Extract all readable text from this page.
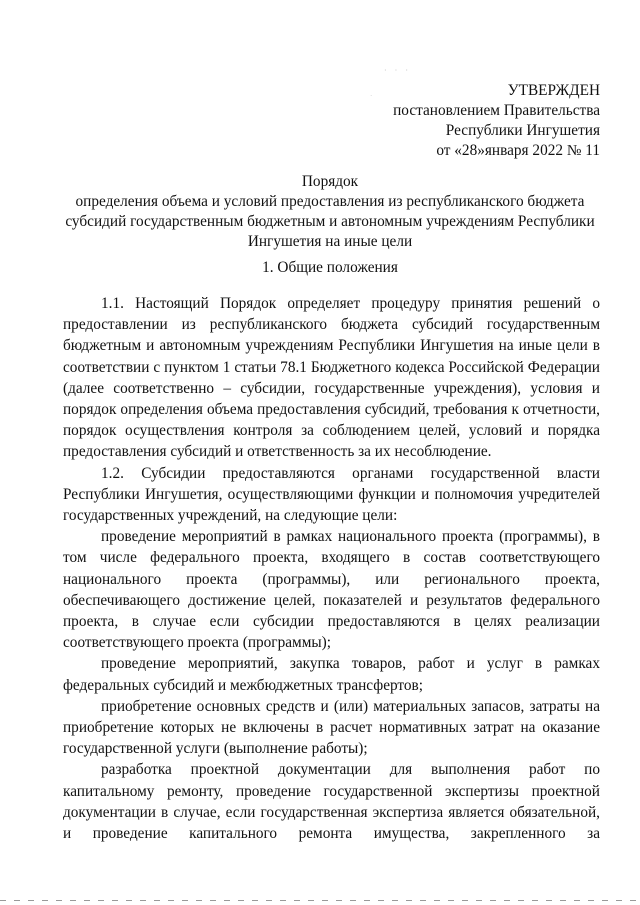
· · ·
·	УТВЕРЖДЕН
постановлением Правительства
Республики Ингушетия
от «28»января 2022 № 11
Порядок
определения объема и условий предоставления из республиканского бюджета
субсидий государственным бюджетным и автономным учреждениям Республики
Ингушетия на иные цели
1. Общие положения

1.1. Настоящий Порядок определяет процедуру принятия решений о предоставлении из республиканского бюджета субсидий государственным бюджетным и автономным учреждениям Республики Ингушетия на иные цели в соответствии с пунктом 1 статьи 78.1 Бюджетного кодекса Российской Федерации (далее соответственно – субсидии, государственные учреждения), условия и порядок определения объема предоставления субсидий, требования к отчетности, порядок осуществления контроля за соблюдением целей, условий и порядка предоставления субсидий и ответственность за их несоблюдение.

1.2. Субсидии предоставляются органами государственной власти Республики Ингушетия, осуществляющими функции и полномочия учредителей государственных учреждений, на следующие цели:

проведение мероприятий в рамках национального проекта (программы), в том числе федерального проекта, входящего в состав соответствующего национального проекта (программы), или регионального проекта, обеспечивающего достижение целей, показателей и результатов федерального проекта, в случае если субсидии предоставляются в целях реализации соответствующего проекта (программы);

проведение мероприятий, закупка товаров, работ и услуг в рамках федеральных субсидий и межбюджетных трансфертов;

приобретение основных средств и (или) материальных запасов, затраты на приобретение которых не включены в расчет нормативных затрат на оказание государственной услуги (выполнение работы);

разработка проектной документации для выполнения работ по капитальному ремонту, проведение государственной экспертизы проектной документации в случае, если государственная экспертиза является обязательной, и проведение капитального ремонта имущества, закрепленного за
